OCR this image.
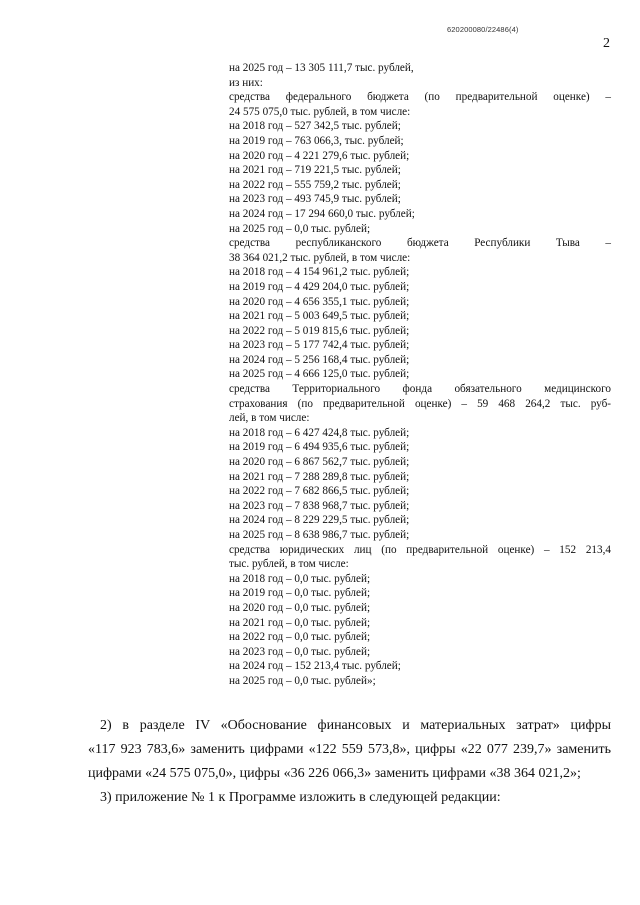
620200080/22486(4)
2
на 2025 год – 13 305 111,7 тыс. рублей,
из них:
средства федерального бюджета (по предварительной оценке) –
24 575 075,0 тыс. рублей, в том числе:
на 2018 год – 527 342,5 тыс. рублей;
на 2019 год – 763 066,3, тыс. рублей;
на 2020 год – 4 221 279,6 тыс. рублей;
на 2021 год – 719 221,5 тыс. рублей;
на 2022 год – 555 759,2 тыс. рублей;
на 2023 год – 493 745,9 тыс. рублей;
на 2024 год – 17 294 660,0 тыс. рублей;
на 2025 год – 0,0 тыс. рублей;
средства республиканского бюджета Республики Тыва –
38 364 021,2 тыс. рублей, в том числе:
на 2018 год – 4 154 961,2 тыс. рублей;
на 2019 год – 4 429 204,0 тыс. рублей;
на 2020 год – 4 656 355,1 тыс. рублей;
на 2021 год – 5 003 649,5 тыс. рублей;
на 2022 год – 5 019 815,6 тыс. рублей;
на 2023 год – 5 177 742,4 тыс. рублей;
на 2024 год – 5 256 168,4 тыс. рублей;
на 2025 год – 4 666 125,0 тыс. рублей;
средства Территориального фонда обязательного медицинского
страхования (по предварительной оценке) – 59 468 264,2 тыс. руб-
лей, в том числе:
на 2018 год – 6 427 424,8 тыс. рублей;
на 2019 год – 6 494 935,6 тыс. рублей;
на 2020 год – 6 867 562,7 тыс. рублей;
на 2021 год – 7 288 289,8 тыс. рублей;
на 2022 год – 7 682 866,5 тыс. рублей;
на 2023 год – 7 838 968,7 тыс. рублей;
на 2024 год – 8 229 229,5 тыс. рублей;
на 2025 год – 8 638 986,7 тыс. рублей;
средства юридических лиц (по предварительной оценке) – 152 213,4
тыс. рублей, в том числе:
на 2018 год – 0,0 тыс. рублей;
на 2019 год – 0,0 тыс. рублей;
на 2020 год – 0,0 тыс. рублей;
на 2021 год – 0,0 тыс. рублей;
на 2022 год – 0,0 тыс. рублей;
на 2023 год – 0,0 тыс. рублей;
на 2024 год – 152 213,4 тыс. рублей;
на 2025 год – 0,0 тыс. рублей»;
2) в разделе IV «Обоснование финансовых и материальных затрат» цифры
«117 923 783,6» заменить цифрами «122 559 573,8», цифры «22 077 239,7» заменить
цифрами «24 575 075,0», цифры «36 226 066,3» заменить цифрами «38 364 021,2»;
3) приложение № 1 к Программе изложить в следующей редакции:
